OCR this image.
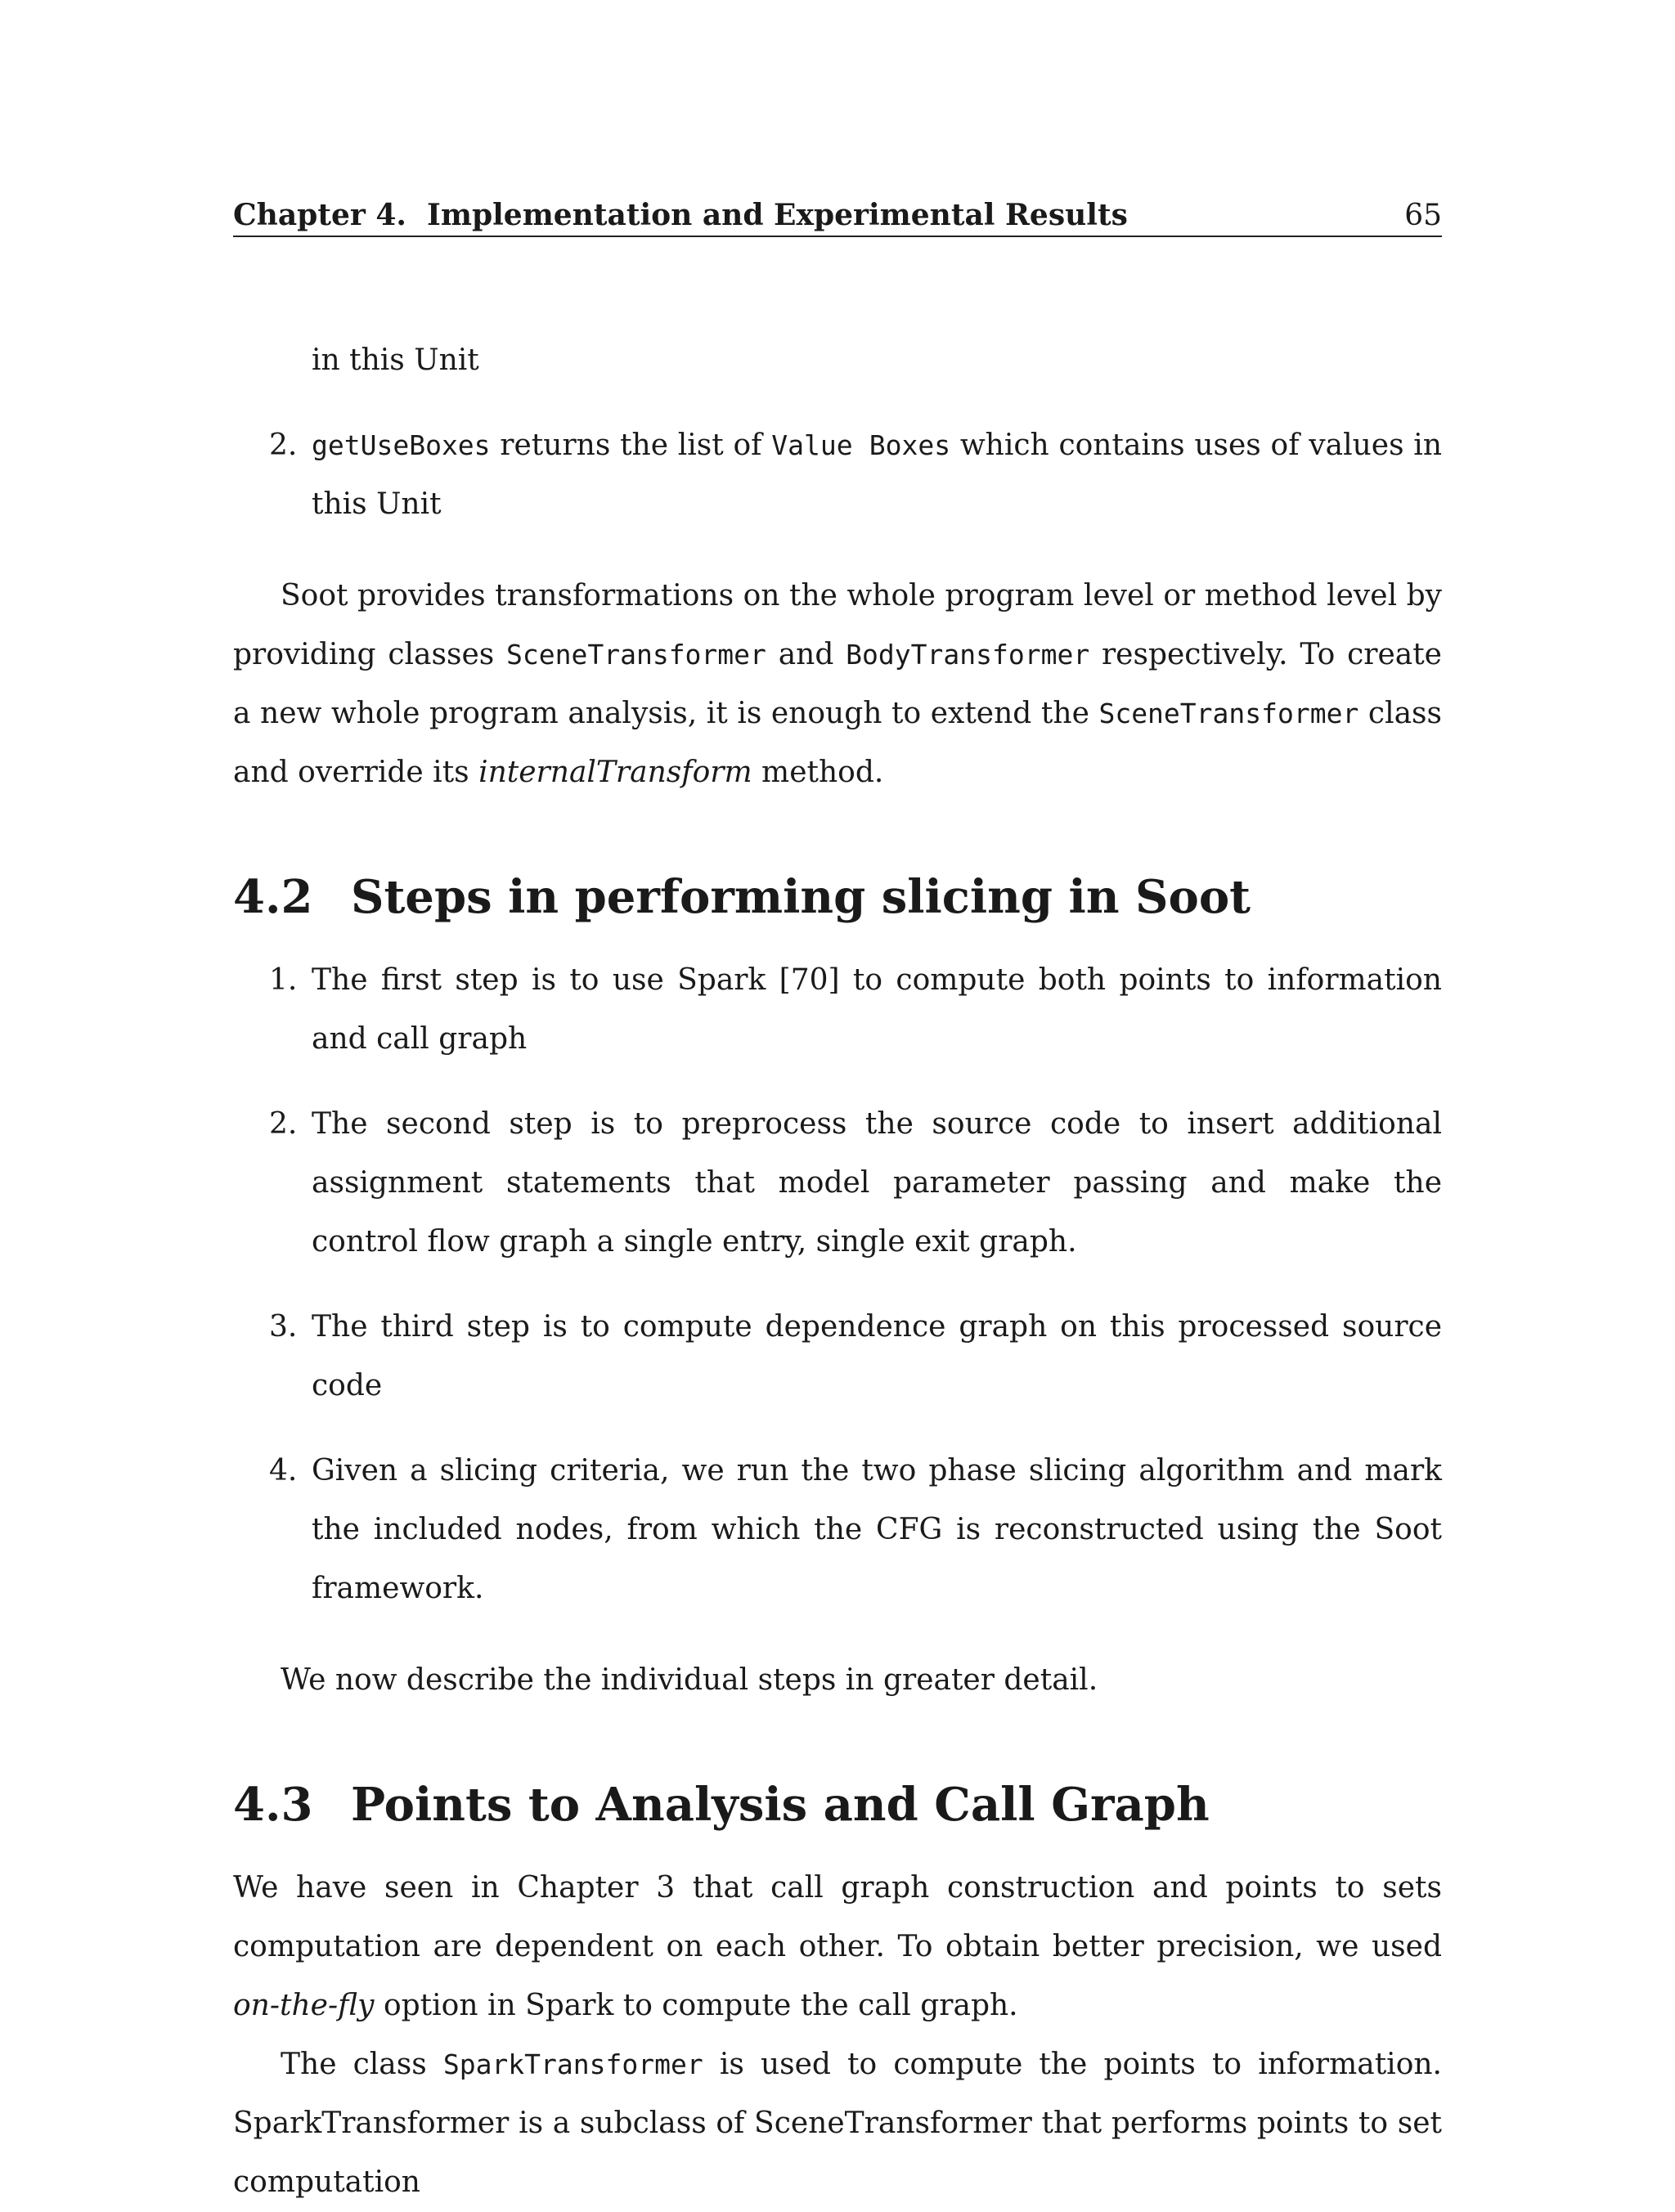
Chapter 4.  Implementation and Experimental Results	65

in this Unit

2. getUseBoxes returns the list of Value Boxes which contains uses of values in this Unit

Soot provides transformations on the whole program level or method level by providing classes SceneTransformer and BodyTransformer respectively. To create a new whole program analysis, it is enough to extend the SceneTransformer class and override its internalTransform method.

4.2 Steps in performing slicing in Soot
1. The first step is to use Spark [70] to compute both points to information and call graph
2. The second step is to preprocess the source code to insert additional assignment statements that model parameter passing and make the control flow graph a single entry, single exit graph.
3. The third step is to compute dependence graph on this processed source code
4. Given a slicing criteria, we run the two phase slicing algorithm and mark the included nodes, from which the CFG is reconstructed using the Soot framework.

We now describe the individual steps in greater detail.

4.3 Points to Analysis and Call Graph

We have seen in Chapter 3 that call graph construction and points to sets computation are dependent on each other. To obtain better precision, we used on-the-fly option in Spark to compute the call graph.

The class SparkTransformer is used to compute the points to information. SparkTransformer is a subclass of SceneTransformer that performs points to set computation
